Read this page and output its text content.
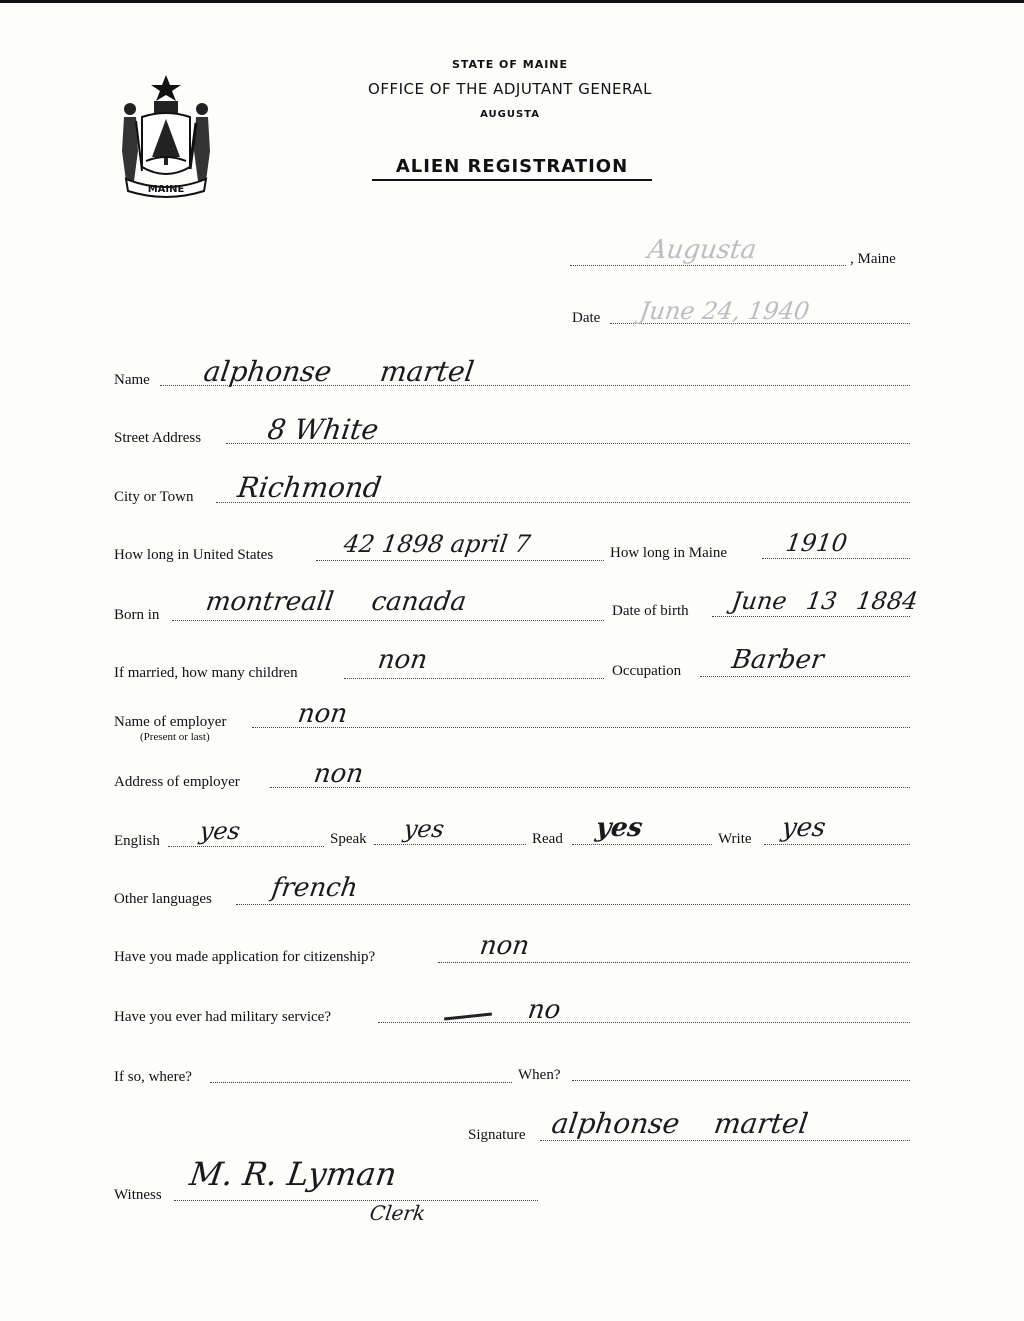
MAINE
STATE OF MAINE
OFFICE OF THE ADJUTANT GENERAL
AUGUSTA
ALIEN REGISTRATION
Augusta	, Maine
Date June 24, 1940
Name alphonse martel
Street Address 8 White
City or Town Richmond
How long in United States	42 1898 april 7	How long in Maine 1910
Born in montreall canada	Date of birth June 13 1884
If married, how many children	non	Occupation Barber
Name of employer
(Present or last)
non
Address of employer	non
English yes	Speak yes	Read yes	Write yes
Other languages french
Have you made application for citizenship?	non
Have you ever had military service?	no
If so, where?	When?
Signature alphonse martel
Witness
M. R. Lyman
Clerk
